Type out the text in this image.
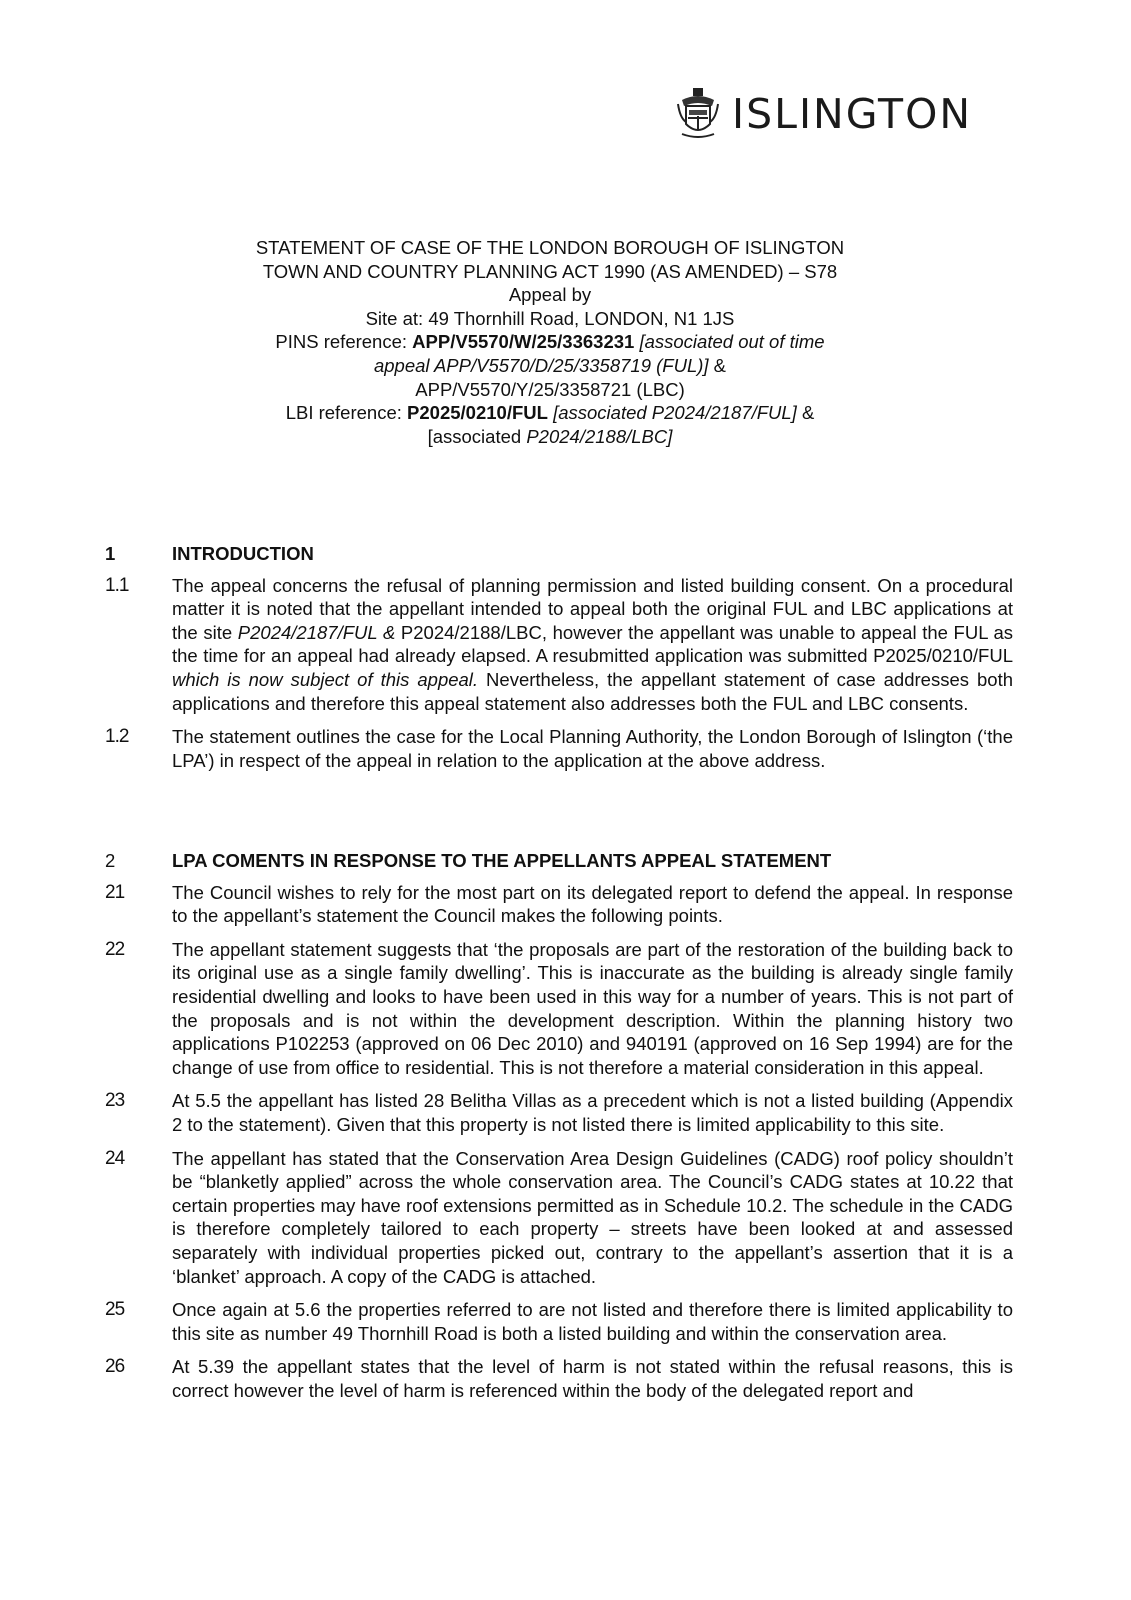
ISLINGTON
STATEMENT OF CASE OF THE LONDON BOROUGH OF ISLINGTON
TOWN AND COUNTRY PLANNING ACT 1990 (AS AMENDED) – S78
Appeal by
Site at: 49 Thornhill Road, LONDON, N1 1JS
PINS reference: APP/V5570/W/25/3363231 [associated out of time
appeal APP/V5570/D/25/3358719 (FUL)] &
APP/V5570/Y/25/3358721 (LBC)
LBI reference: P2025/0210/FUL [associated P2024/2187/FUL] &
[associated P2024/2188/LBC]
1	INTRODUCTION
1.1	The appeal concerns the refusal of planning permission and listed building consent. On a procedural matter it is noted that the appellant intended to appeal both the original FUL and LBC applications at the site P2024/2187/FUL & P2024/2188/LBC, however the appellant was unable to appeal the FUL as the time for an appeal had already elapsed. A resubmitted application was submitted P2025/0210/FUL which is now subject of this appeal. Nevertheless, the appellant statement of case addresses both applications and therefore this appeal statement also addresses both the FUL and LBC consents.
1.2	The statement outlines the case for the Local Planning Authority, the London Borough of Islington (‘the LPA’) in respect of the appeal in relation to the application at the above address.
2	LPA COMENTS IN RESPONSE TO THE APPELLANTS APPEAL STATEMENT
21	The Council wishes to rely for the most part on its delegated report to defend the appeal. In response to the appellant’s statement the Council makes the following points.
22	The appellant statement suggests that ‘the proposals are part of the restoration of the building back to its original use as a single family dwelling’. This is inaccurate as the building is already single family residential dwelling and looks to have been used in this way for a number of years. This is not part of the proposals and is not within the development description. Within the planning history two applications P102253 (approved on 06 Dec 2010) and 940191 (approved on 16 Sep 1994) are for the change of use from office to residential. This is not therefore a material consideration in this appeal.
23	At 5.5 the appellant has listed 28 Belitha Villas as a precedent which is not a listed building (Appendix 2 to the statement). Given that this property is not listed there is limited applicability to this site.
24	The appellant has stated that the Conservation Area Design Guidelines (CADG) roof policy shouldn’t be “blanketly applied” across the whole conservation area. The Council’s CADG states at 10.22 that certain properties may have roof extensions permitted as in Schedule 10.2. The schedule in the CADG is therefore completely tailored to each property – streets have been looked at and assessed separately with individual properties picked out, contrary to the appellant’s assertion that it is a ‘blanket’ approach. A copy of the CADG is attached.
25	Once again at 5.6 the properties referred to are not listed and therefore there is limited applicability to this site as number 49 Thornhill Road is both a listed building and within the conservation area.
26	At 5.39 the appellant states that the level of harm is not stated within the refusal reasons, this is correct however the level of harm is referenced within the body of the delegated report and
